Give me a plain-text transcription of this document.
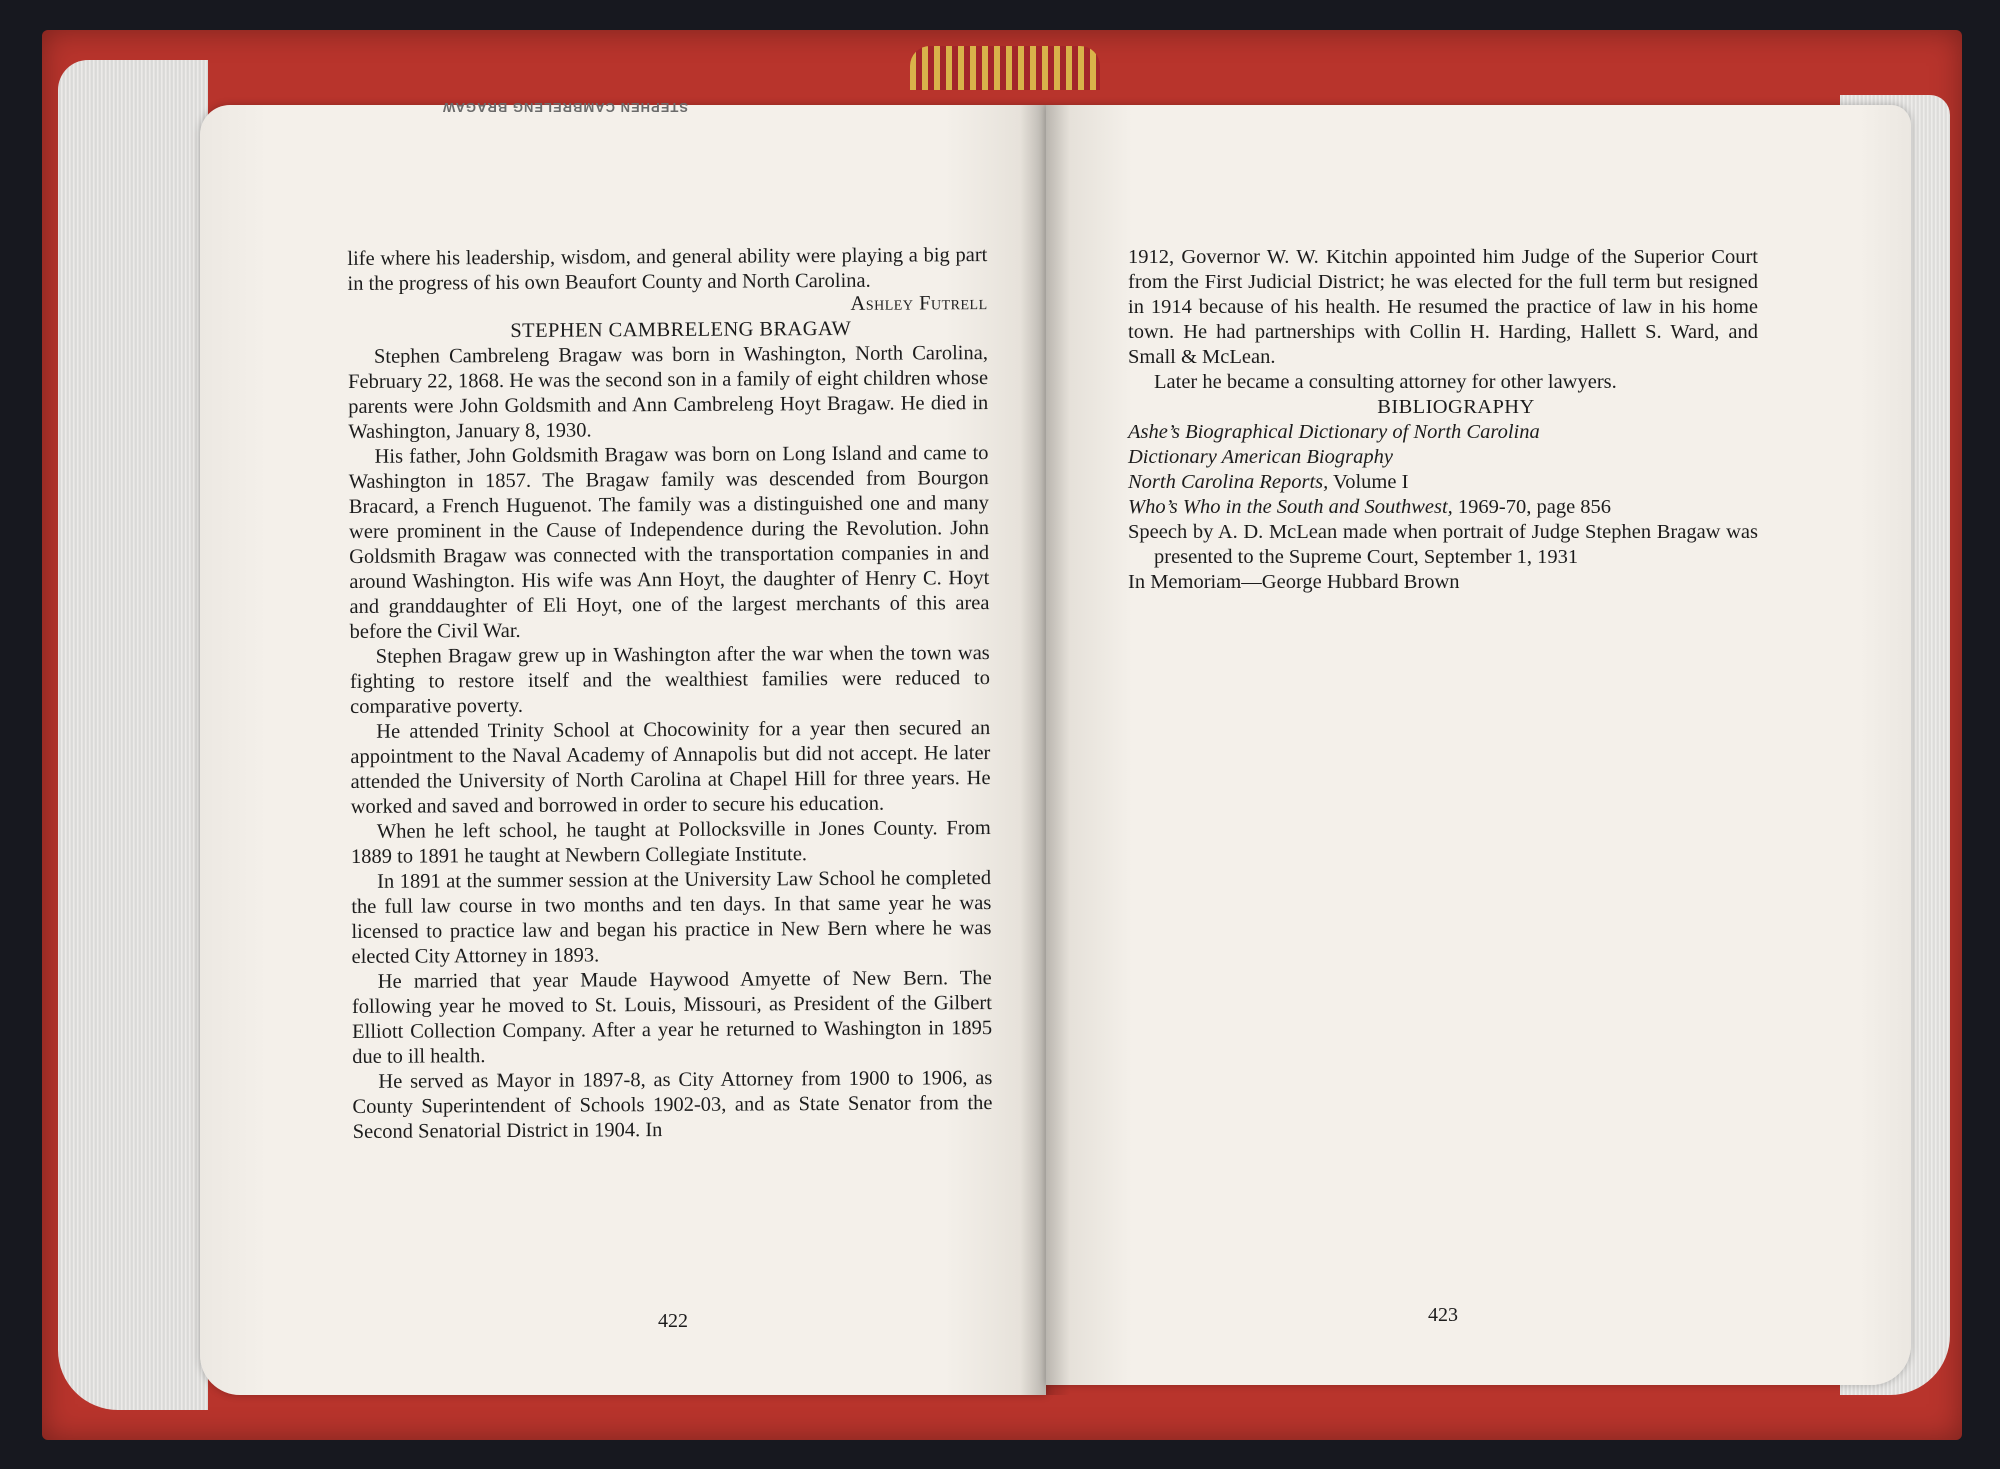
STEPHEN CAMBRELENG BRAGAW

life where his leadership, wisdom, and general ability were playing a big part in the progress of his own Beaufort County and North Carolina.

Ashley Futrell

STEPHEN CAMBRELENG BRAGAW

Stephen Cambreleng Bragaw was born in Washington, North Carolina, February 22, 1868. He was the second son in a family of eight children whose parents were John Goldsmith and Ann Cambreleng Hoyt Bragaw. He died in Washington, January 8, 1930.

His father, John Goldsmith Bragaw was born on Long Island and came to Washington in 1857. The Bragaw family was descended from Bourgon Bracard, a French Huguenot. The family was a distinguished one and many were prominent in the Cause of Independence during the Revolution. John Goldsmith Bragaw was connected with the transportation companies in and around Washington. His wife was Ann Hoyt, the daughter of Henry C. Hoyt and granddaughter of Eli Hoyt, one of the largest merchants of this area before the Civil War.

Stephen Bragaw grew up in Washington after the war when the town was fighting to restore itself and the wealthiest families were reduced to comparative poverty.

He attended Trinity School at Chocowinity for a year then secured an appointment to the Naval Academy of Annapolis but did not accept. He later attended the University of North Carolina at Chapel Hill for three years. He worked and saved and borrowed in order to secure his education.

When he left school, he taught at Pollocksville in Jones County. From 1889 to 1891 he taught at Newbern Collegiate Institute.

In 1891 at the summer session at the University Law School he completed the full law course in two months and ten days. In that same year he was licensed to practice law and began his practice in New Bern where he was elected City Attorney in 1893.

He married that year Maude Haywood Amyette of New Bern. The following year he moved to St. Louis, Missouri, as President of the Gilbert Elliott Collection Company. After a year he returned to Washington in 1895 due to ill health.

He served as Mayor in 1897-8, as City Attorney from 1900 to 1906, as County Superintendent of Schools 1902-03, and as State Senator from the Second Senatorial District in 1904. In

1912, Governor W. W. Kitchin appointed him Judge of the Superior Court from the First Judicial District; he was elected for the full term but resigned in 1914 because of his health. He resumed the practice of law in his home town. He had partnerships with Collin H. Harding, Hallett S. Ward, and Small & McLean.

Later he became a consulting attorney for other lawyers.

BIBLIOGRAPHY

Ashe’s Biographical Dictionary of North Carolina

Dictionary American Biography

North Carolina Reports, Volume I

Who’s Who in the South and Southwest, 1969-70, page 856

Speech by A. D. McLean made when portrait of Judge Stephen Bragaw was presented to the Supreme Court, September 1, 1931

In Memoriam—George Hubbard Brown

422	423
